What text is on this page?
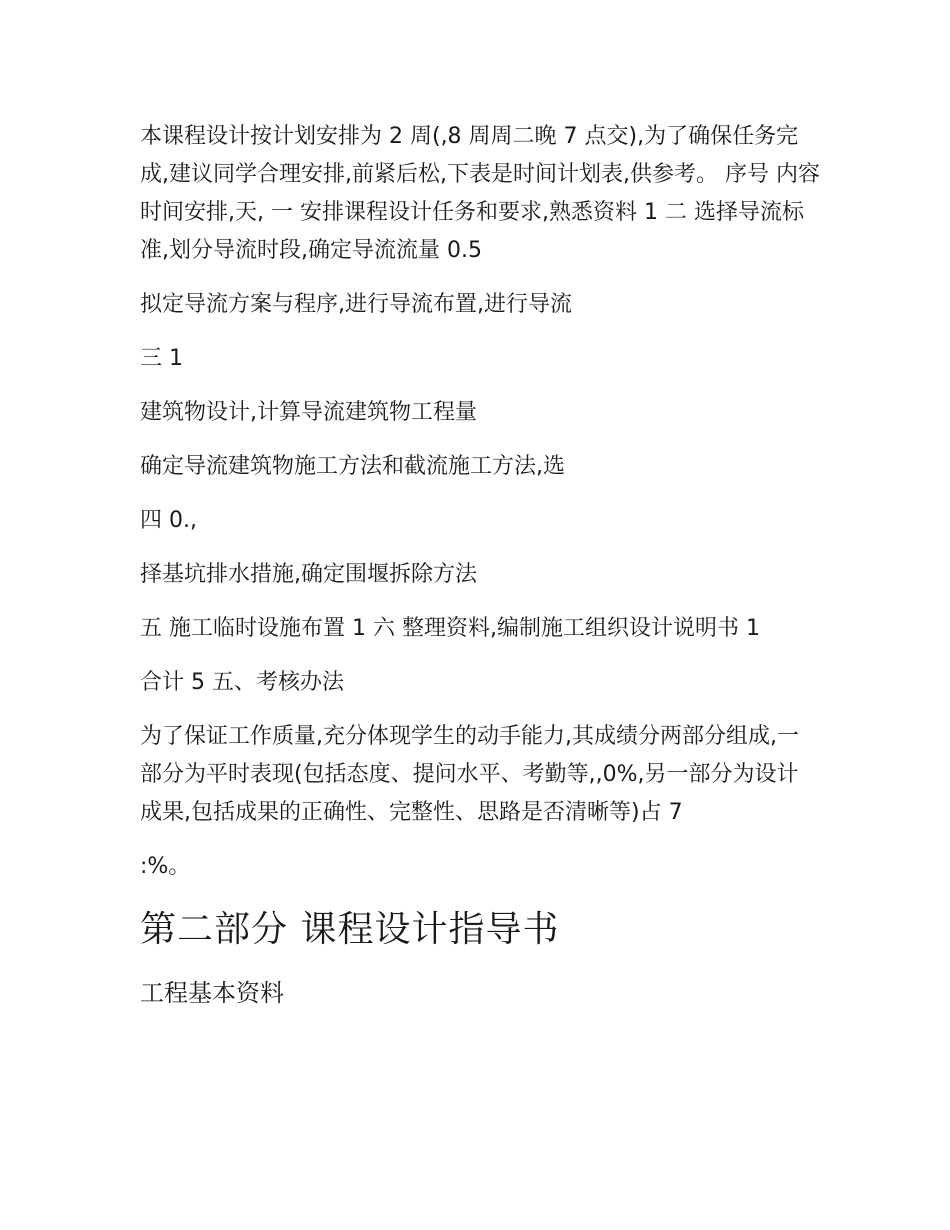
本课程设计按计划安排为 2 周(,8 周周二晚 7 点交),为了确保任务完成,建议同学合理安排,前紧后松,下表是时间计划表,供参考。 序号 内容 时间安排,天, 一 安排课程设计任务和要求,熟悉资料 1 二 选择导流标准,划分导流时段,确定导流流量 0.5

拟定导流方案与程序,进行导流布置,进行导流

三 1

建筑物设计,计算导流建筑物工程量

确定导流建筑物施工方法和截流施工方法,选

四 0.,

择基坑排水措施,确定围堰拆除方法

五 施工临时设施布置 1 六 整理资料,编制施工组织设计说明书 1

合计 5 五、考核办法

为了保证工作质量,充分体现学生的动手能力,其成绩分两部分组成,一部分为平时表现(包括态度、提问水平、考勤等,,0%,另一部分为设计成果,包括成果的正确性、完整性、思路是否清晰等)占 7

:%。

第二部分 课程设计指导书
工程基本资料
